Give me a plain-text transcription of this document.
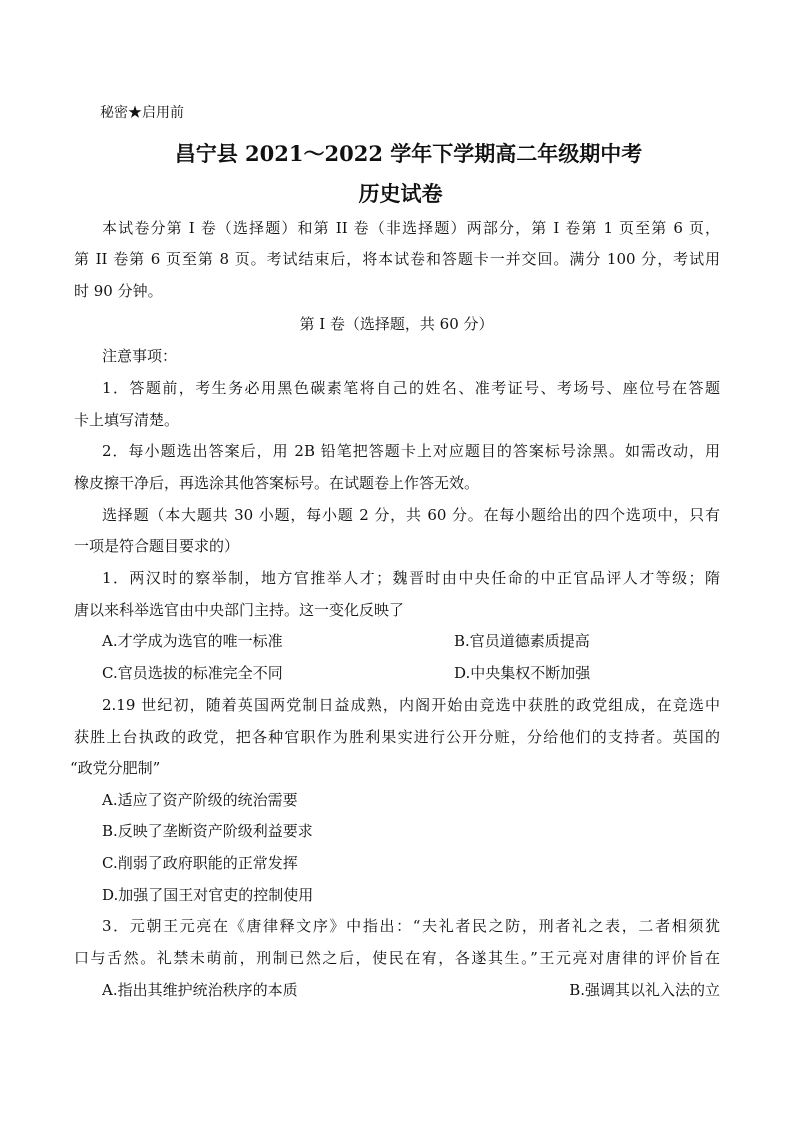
秘密★启用前
昌宁县 2021～2022 学年下学期高二年级期中考
历史试卷
本试卷分第 I 卷（选择题）和第 II 卷（非选择题）两部分，第 I 卷第 1 页至第 6 页，
第 II 卷第 6 页至第 8 页。考试结束后，将本试卷和答题卡一并交回。满分 100 分，考试用
时 90 分钟。
第 I 卷（选择题，共 60 分）
注意事项：
1．答题前，考生务必用黑色碳素笔将自己的姓名、准考证号、考场号、座位号在答题
卡上填写清楚。
2．每小题选出答案后，用 2B 铅笔把答题卡上对应题目的答案标号涂黑。如需改动，用
橡皮擦干净后，再选涂其他答案标号。在试题卷上作答无效。
选择题（本大题共 30 小题，每小题 2 分，共 60 分。在每小题给出的四个选项中，只有
一项是符合题目要求的）
1．两汉时的察举制，地方官推举人才；魏晋时由中央任命的中正官品评人才等级；隋
唐以来科举选官由中央部门主持。这一变化反映了
A.才学成为选官的唯一标准	B.官员道德素质提高
C.官员选拔的标准完全不同	D.中央集权不断加强
2.19 世纪初，随着英国两党制日益成熟，内阁开始由竞选中获胜的政党组成，在竞选中
获胜上台执政的政党，把各种官职作为胜利果实进行公开分赃，分给他们的支持者。英国的
“政党分肥制”
A.适应了资产阶级的统治需要
B.反映了垄断资产阶级利益要求
C.削弱了政府职能的正常发挥
D.加强了国王对官吏的控制使用
3．元朝王元亮在《唐律释文序》中指出：“夫礼者民之防，刑者礼之表，二者相须犹
口与舌然。礼禁未萌前，刑制已然之后，使民在宥，各遂其生。”王元亮对唐律的评价旨在
A.指出其维护统治秩序的本质	B.强调其以礼入法的立
